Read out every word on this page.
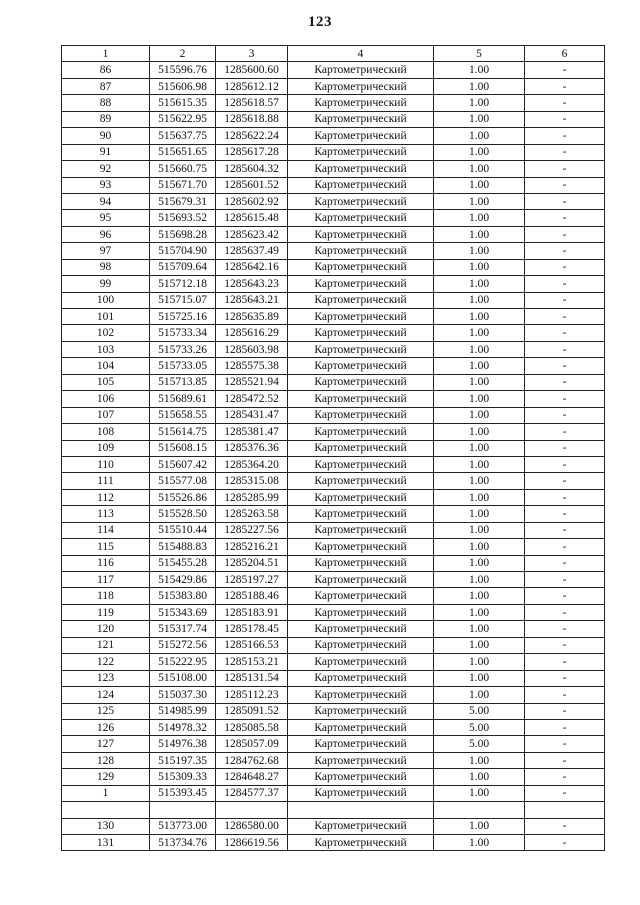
123
1	2	3	4	5	6
86	515596.76	1285600.60	Картометрический	1.00	-
87	515606.98	1285612.12	Картометрический	1.00	-
88	515615.35	1285618.57	Картометрический	1.00	-
89	515622.95	1285618.88	Картометрический	1.00	-
90	515637.75	1285622.24	Картометрический	1.00	-
91	515651.65	1285617.28	Картометрический	1.00	-
92	515660.75	1285604.32	Картометрический	1.00	-
93	515671.70	1285601.52	Картометрический	1.00	-
94	515679.31	1285602.92	Картометрический	1.00	-
95	515693.52	1285615.48	Картометрический	1.00	-
96	515698.28	1285623.42	Картометрический	1.00	-
97	515704.90	1285637.49	Картометрический	1.00	-
98	515709.64	1285642.16	Картометрический	1.00	-
99	515712.18	1285643.23	Картометрический	1.00	-
100	515715.07	1285643.21	Картометрический	1.00	-
101	515725.16	1285635.89	Картометрический	1.00	-
102	515733.34	1285616.29	Картометрический	1.00	-
103	515733.26	1285603.98	Картометрический	1.00	-
104	515733.05	1285575.38	Картометрический	1.00	-
105	515713.85	1285521.94	Картометрический	1.00	-
106	515689.61	1285472.52	Картометрический	1.00	-
107	515658.55	1285431.47	Картометрический	1.00	-
108	515614.75	1285381.47	Картометрический	1.00	-
109	515608.15	1285376.36	Картометрический	1.00	-
110	515607.42	1285364.20	Картометрический	1.00	-
111	515577.08	1285315.08	Картометрический	1.00	-
112	515526.86	1285285.99	Картометрический	1.00	-
113	515528.50	1285263.58	Картометрический	1.00	-
114	515510.44	1285227.56	Картометрический	1.00	-
115	515488.83	1285216.21	Картометрический	1.00	-
116	515455.28	1285204.51	Картометрический	1.00	-
117	515429.86	1285197.27	Картометрический	1.00	-
118	515383.80	1285188.46	Картометрический	1.00	-
119	515343.69	1285183.91	Картометрический	1.00	-
120	515317.74	1285178.45	Картометрический	1.00	-
121	515272.56	1285166.53	Картометрический	1.00	-
122	515222.95	1285153.21	Картометрический	1.00	-
123	515108.00	1285131.54	Картометрический	1.00	-
124	515037.30	1285112.23	Картометрический	1.00	-
125	514985.99	1285091.52	Картометрический	5.00	-
126	514978.32	1285085.58	Картометрический	5.00	-
127	514976.38	1285057.09	Картометрический	5.00	-
128	515197.35	1284762.68	Картометрический	1.00	-
129	515309.33	1284648.27	Картометрический	1.00	-
1	515393.45	1284577.37	Картометрический	1.00	-

130	513773.00	1286580.00	Картометрический	1.00	-
131	513734.76	1286619.56	Картометрический	1.00	-
